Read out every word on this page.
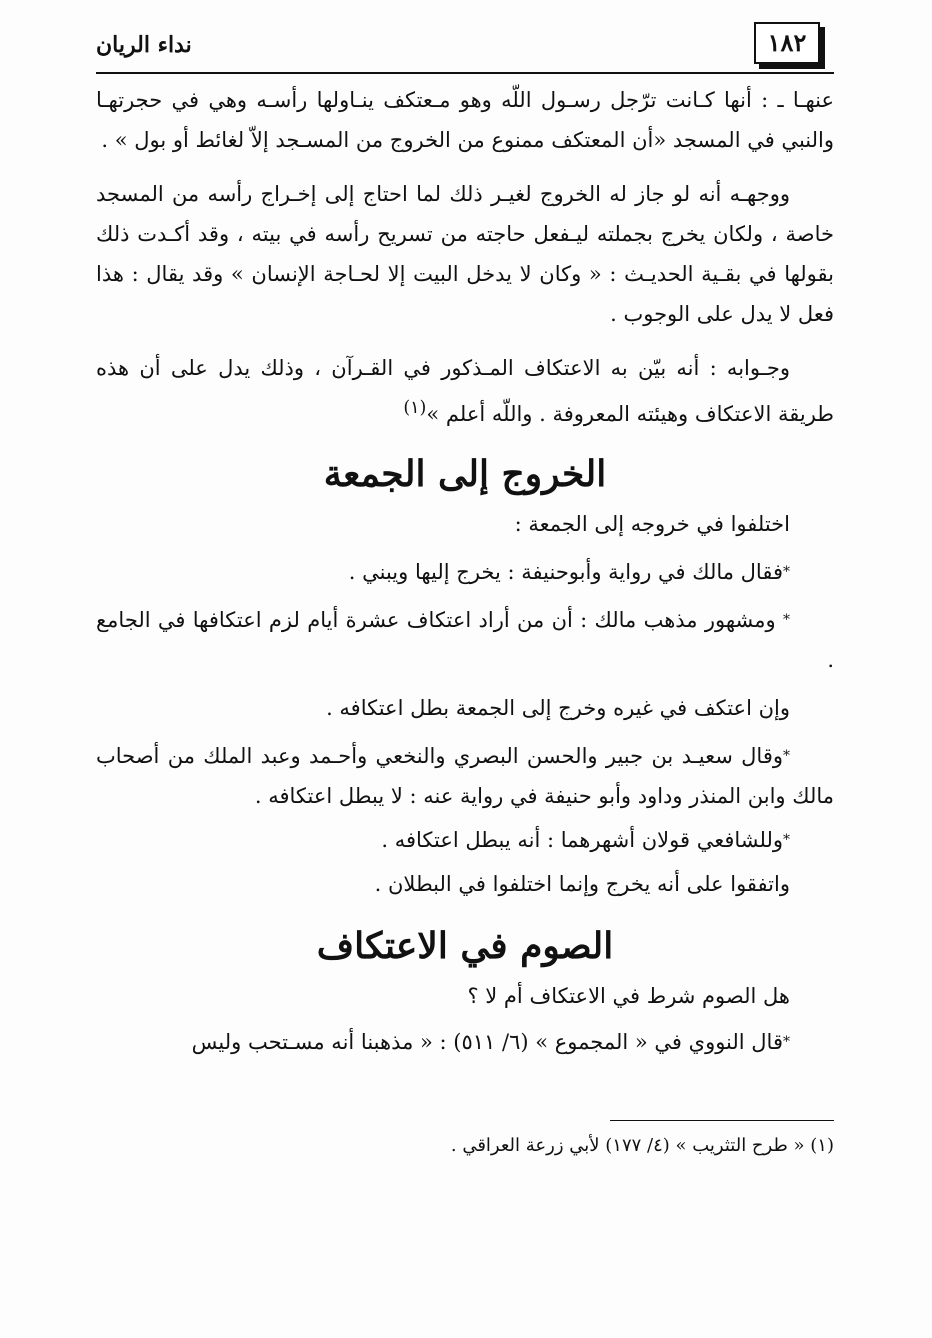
نداء الريان	١٨٢

عنهـا ـ : أنها كـانت ترّجل رسـول اللّه وهو مـعتكف ينـاولها رأسـه وهي في حجرتهـا والنبي في المسجد «أن المعتكف ممنوع من الخروج من المسـجد إلاّ لغائط أو بول » .

ووجهـه أنه لو جاز له الخروج لغيـر ذلك لما احتاج إلى إخـراج رأسه من المسجد خاصة ، ولكان يخرج بجملته ليـفعل حاجته من تسريح رأسه في بيته ، وقد أكـدت ذلك بقولها في بقـية الحديـث : « وكان لا يدخل البيت إلا لحـاجة الإنسان » وقد يقال : هذا فعل لا يدل على الوجوب .

وجـوابه : أنه بيّن به الاعتكاف المـذكور في القـرآن ، وذلك يدل على أن هذه طريقة الاعتكاف وهيئته المعروفة . واللّه أعلم »$^{(١)}$

الخروج إلى الجمعة

اختلفوا في خروجه إلى الجمعة :

*فقال مالك في رواية وأبوحنيفة : يخرج إليها ويبني .

* ومشهور مذهب مالك : أن من أراد اعتكاف عشرة أيام لزم اعتكافها في الجامع .

وإن اعتكف في غيره وخرج إلى الجمعة بطل اعتكافه .

*وقال سعيـد بن جبير والحسن البصري والنخعي وأحـمد وعبد الملك من أصحاب مالك وابن المنذر وداود وأبو حنيفة في رواية عنه : لا يبطل اعتكافه .

*وللشافعي قولان أشهرهما : أنه يبطل اعتكافه .

واتفقوا على أنه يخرج وإنما اختلفوا في البطلان .

الصوم في الاعتكاف

هل الصوم شرط في الاعتكاف أم لا ؟

*قال النووي في « المجموع » (٦/ ٥١١) : « مذهبنا أنه مسـتحب وليس

(١) « طرح التثريب » (٤/ ١٧٧) لأبي زرعة العراقي .
